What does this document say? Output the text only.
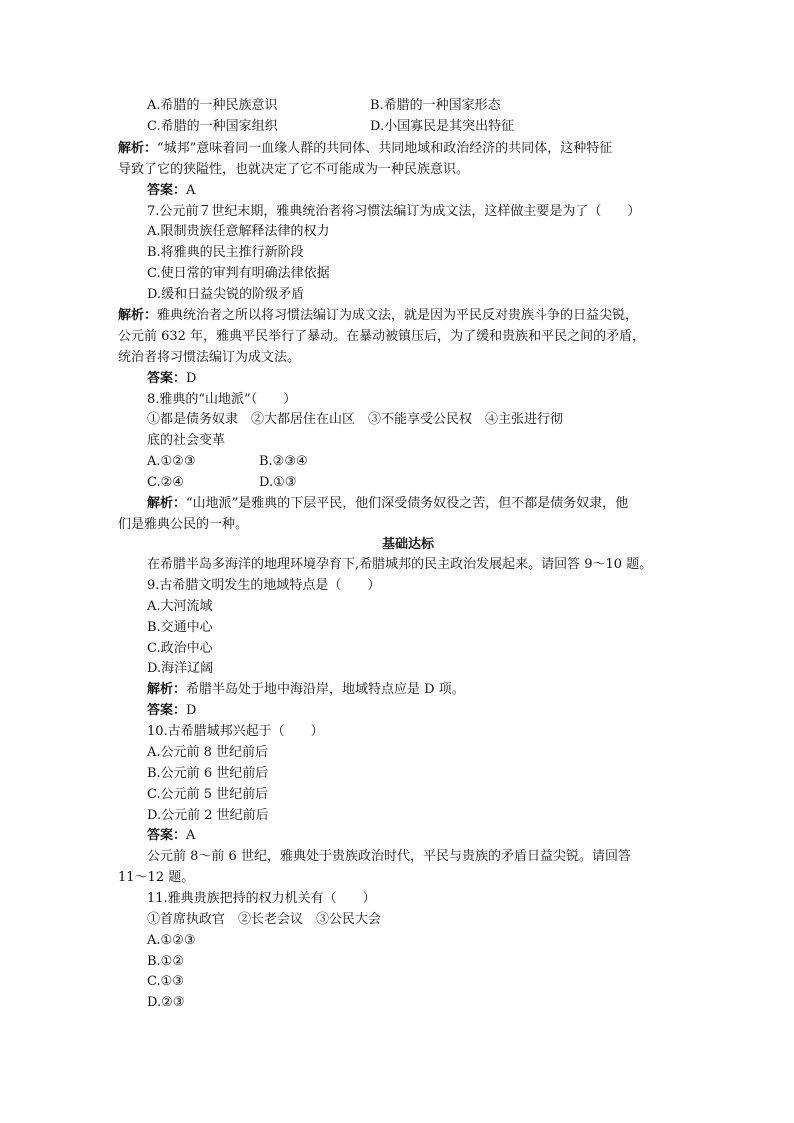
A.希腊的一种民族意识	B.希腊的一种国家形态
C.希腊的一种国家组织	D.小国寡民是其突出特征
解析：“城邦”意味着同一血缘人群的共同体、共同地域和政治经济的共同体，这种特征
导致了它的狭隘性，也就决定了它不可能成为一种民族意识。
答案：A
7.公元前７世纪末期，雅典统治者将习惯法编订为成文法，这样做主要是为了（　　）
A.限制贵族任意解释法律的权力
B.将雅典的民主推行新阶段
C.使日常的审判有明确法律依据
D.缓和日益尖锐的阶级矛盾
解析：雅典统治者之所以将习惯法编订为成文法，就是因为平民反对贵族斗争的日益尖锐，
公元前 632 年，雅典平民举行了暴动。在暴动被镇压后，为了缓和贵族和平民之间的矛盾，
统治者将习惯法编订为成文法。
答案：D
8.雅典的“山地派”（　　）
①都是债务奴隶　②大都居住在山区　③不能享受公民权　④主张进行彻
底的社会变革
A.①②③	B.②③④
C.②④	D.①③
解析：“山地派”是雅典的下层平民，他们深受债务奴役之苦，但不都是债务奴隶，他
们是雅典公民的一种。
基础达标
在希腊半岛多海洋的地理环境孕育下,希腊城邦的民主政治发展起来。请回答 9～10 题。
9.古希腊文明发生的地域特点是（　　）
A.大河流域
B.交通中心
C.政治中心
D.海洋辽阔
解析：希腊半岛处于地中海沿岸，地域特点应是 D 项。
答案：D
10.古希腊城邦兴起于（　　）
A.公元前 8 世纪前后
B.公元前 6 世纪前后
C.公元前 5 世纪前后
D.公元前 2 世纪前后
答案：A
公元前 8～前 6 世纪，雅典处于贵族政治时代，平民与贵族的矛盾日益尖锐。请回答
11～12 题。
11.雅典贵族把持的权力机关有（　　）
①首席执政官　②长老会议　③公民大会
A.①②③
B.①②
C.①③
D.②③
